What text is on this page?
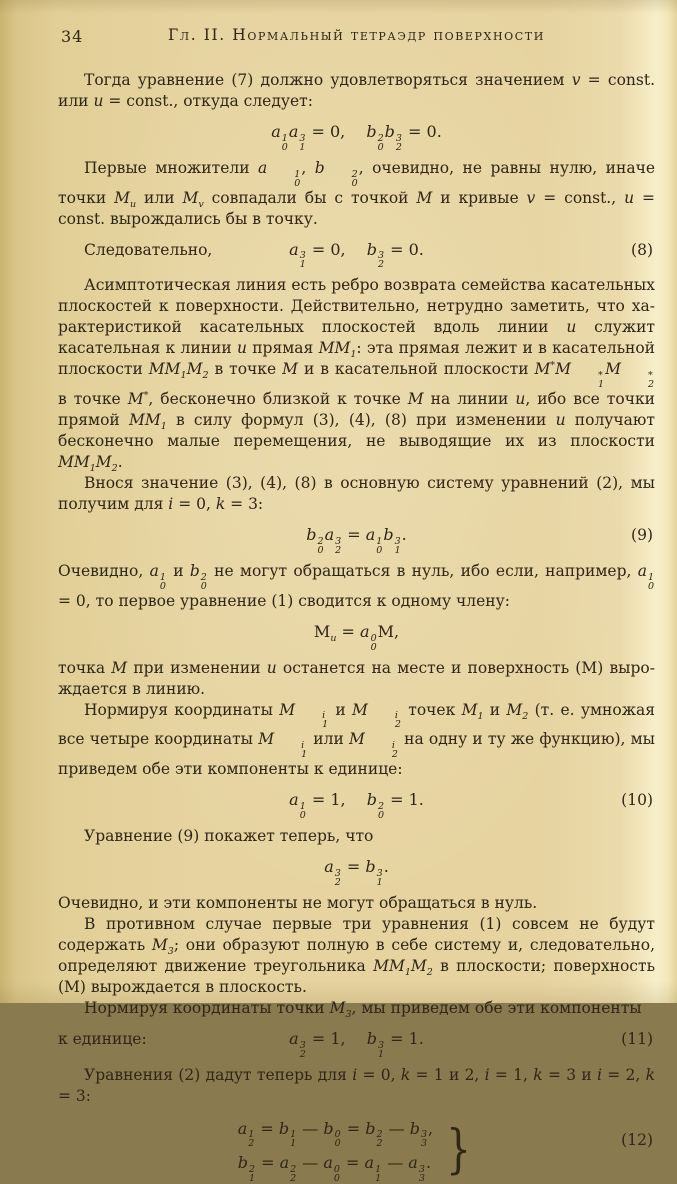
34	Гл. II. Нормальный тетраэдр поверхности

Тогда уравнение (7) должно удовлетворяться значением v = const. или u = const., откуда следует:

a 1
0
a 3
1
= 0,  b 2
0
b 3
2
= 0.

Первые множители a	1
0
, b	2
0
, очевидно, не равны нулю, иначе точки $M_u$ или $M_v$ совпадали бы с точкой M и кривые v = const., u = const. вырождались бы в точку.

Следовательно,	a 3
1
= 0,  b 3
2
= 0.	(8)

Асимптотическая линия есть ребро возврата семейства касательных плоскостей к поверхности. Действительно, нетрудно заметить, что характеристикой касательных плоскостей вдоль линии u служит касательная к линии u прямая $MM_1$: эта прямая лежит и в касательной плоскости $MM_1M_2$ в точке M и в касательной плоскости M*M	*
1
M	*
2
в точке M*, бесконечно близкой к точке M на линии u, ибо все точки прямой $MM_1$ в силу формул (3), (4), (8) при изменении u получают бесконечно малые перемещения, не выводящие их из плоскости $MM_1M_2$.

Внося значение (3), (4), (8) в основную систему уравнений (2), мы получим для i = 0, k = 3:

b 2
0
a 3
2
= a 1
0
b 3
1
.	(9)

Очевидно, a 1
0
и b 2
0
не могут обращаться в нуль, ибо если, например, a 1
0
= 0, то первое уравнение (1) сводится к одному члену:

$M_u = a$ 0
0
M,

точка M при изменении u останется на месте и поверхность (M) вырождается в линию.

Нормируя координаты M	i
1
и M	i
2
точек $M_1$ и $M_2$ (т. е. умножая все четыре координаты M	i
1
или M	i
2
на одну и ту же функцию), мы приведем обе эти компоненты к единице:

a 1
0
= 1,  b 2
0
= 1.	(10)

Уравнение (9) покажет теперь, что

a 3
2
= b 3
1
.

Очевидно, и эти компоненты не могут обращаться в нуль.

В противном случае первые три уравнения (1) совсем не будут содержать $M_3$; они образуют полную в себе систему и, следовательно, определяют движение треугольника $MM_1M_2$ в плоскости; поверхность (M) вырождается в плоскость.

Нормируя координаты точки $M_3$, мы приведем обе эти компоненты

к единице:	a 3
2
= 1,  b 3
1
= 1.	(11)

Уравнения (2) дадут теперь для i = 0, k = 1 и 2, i = 1, k = 3 и i = 2, k = 3:

a 1
2
= b 1
1
— b 0
0
= b 2
2
— b 3
3
,
b 2
1
= a 2
2
— a 0
0
= a 1
1
— a 3
3
. }	(12)
